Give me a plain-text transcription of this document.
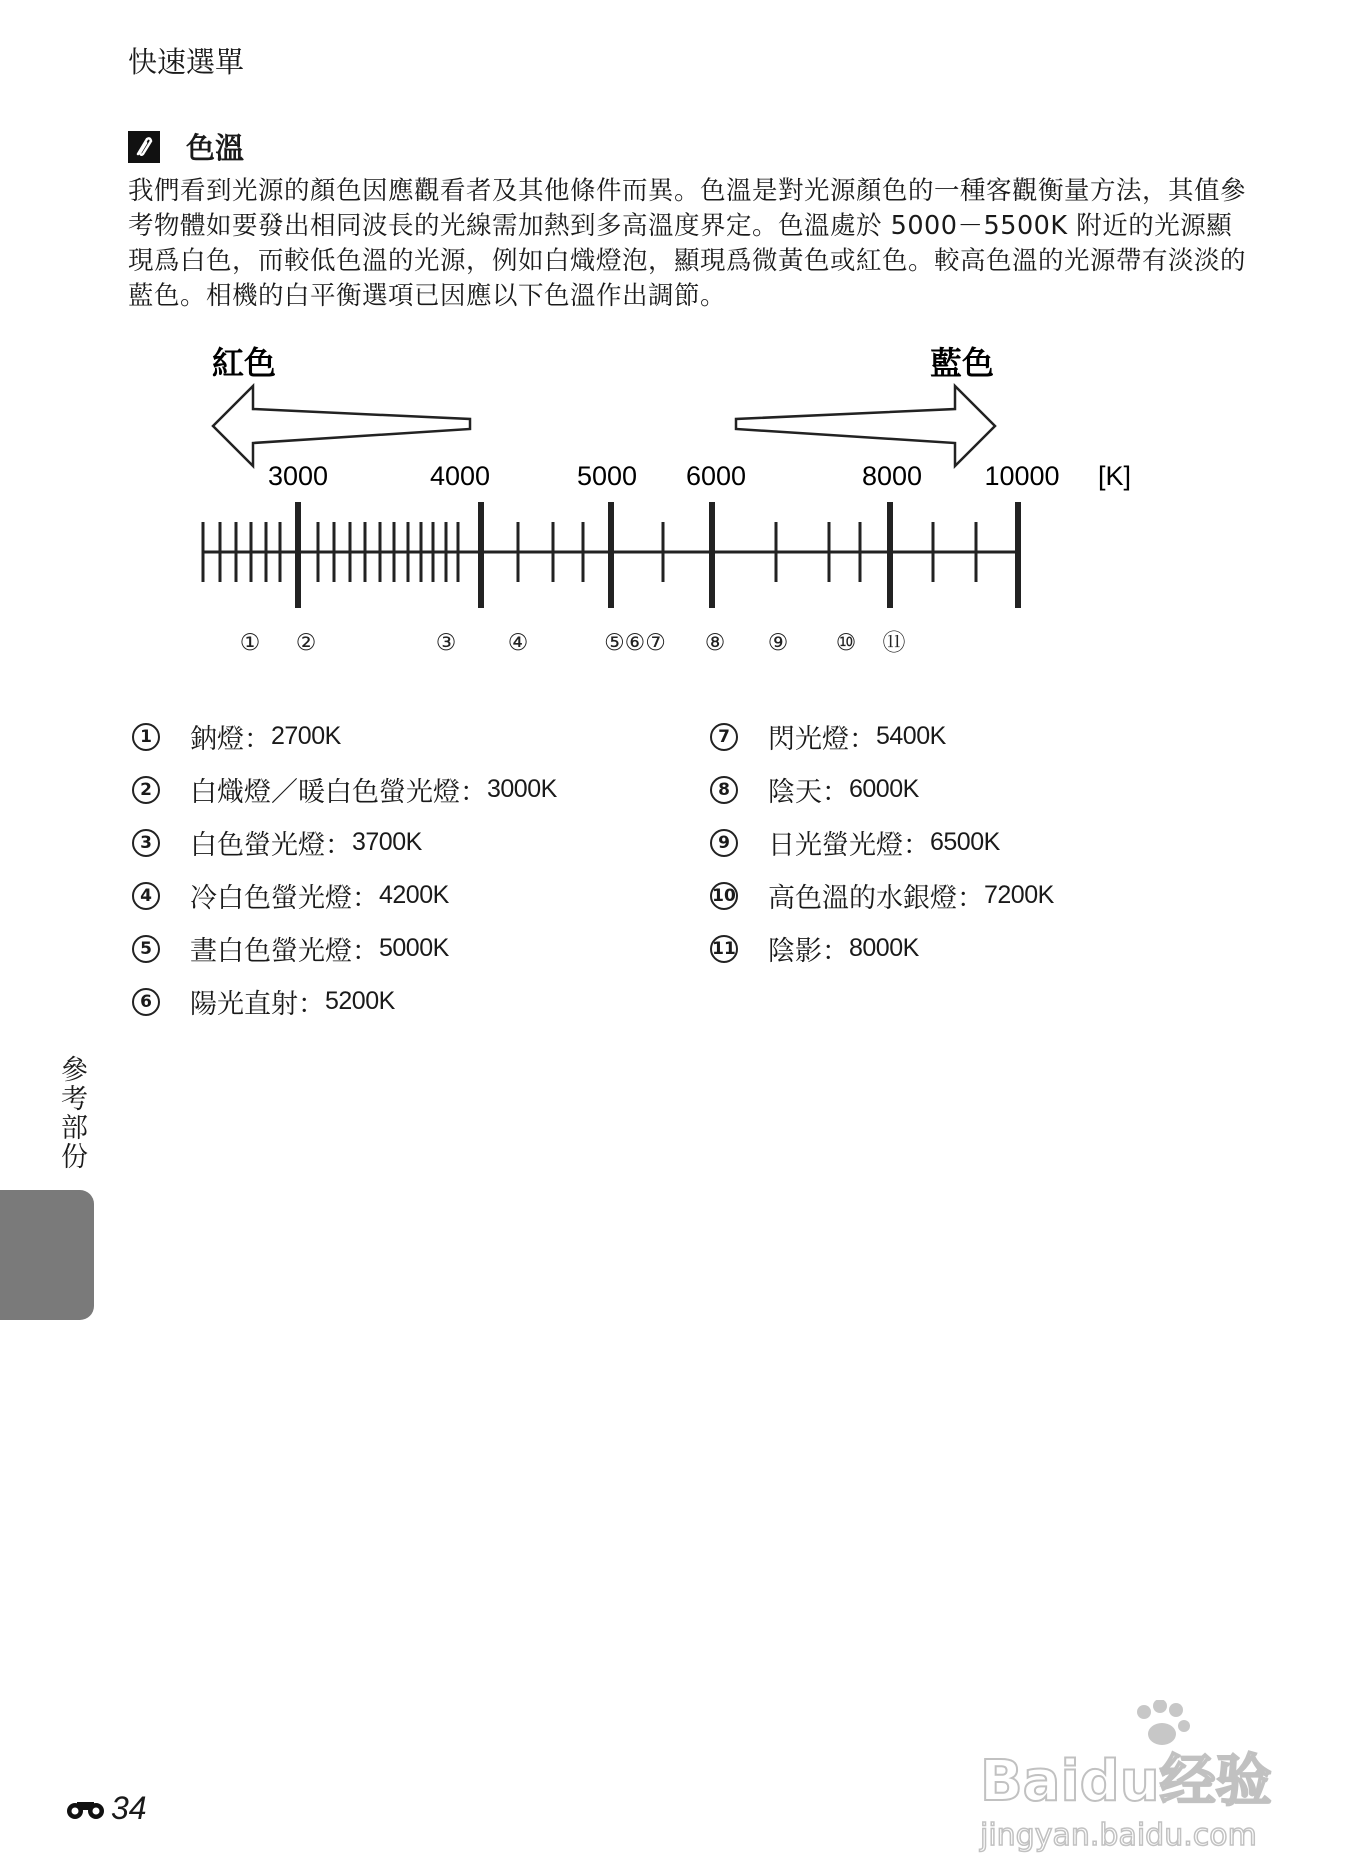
快速選單
色溫
我們看到光源的顏色因應觀看者及其他條件而異。色溫是對光源顏色的一種客觀衡量方法，其值參考物體如要發出相同波長的光線需加熱到多高溫度界定。色溫處於 5000－5500K 附近的光源顯現爲白色，而較低色溫的光源，例如白熾燈泡，顯現爲微黃色或紅色。較高色溫的光源帶有淡淡的藍色。相機的白平衡選項已因應以下色溫作出調節。
紅色	藍色
3000	4000	5000 6000	8000 10000 [K]
① ②	③ ④	⑤⑥⑦ ⑧ ⑨ ⑩ ⑪
1 鈉燈 ： 2700K
2 白熾燈／暖白色螢光燈 ： 3000K
3 白色螢光燈 ： 3700K
4 冷白色螢光燈 ： 4200K
5 晝白色螢光燈 ： 5000K
6 陽光直射 ： 5200K
7 閃光燈 ： 5400K
8 陰天 ： 6000K
9 日光螢光燈 ： 6500K
10 高色溫的水銀燈 ： 7200K
11 陰影 ： 8000K
參考部份
34	Baidu经验
jingyan.baidu.com
